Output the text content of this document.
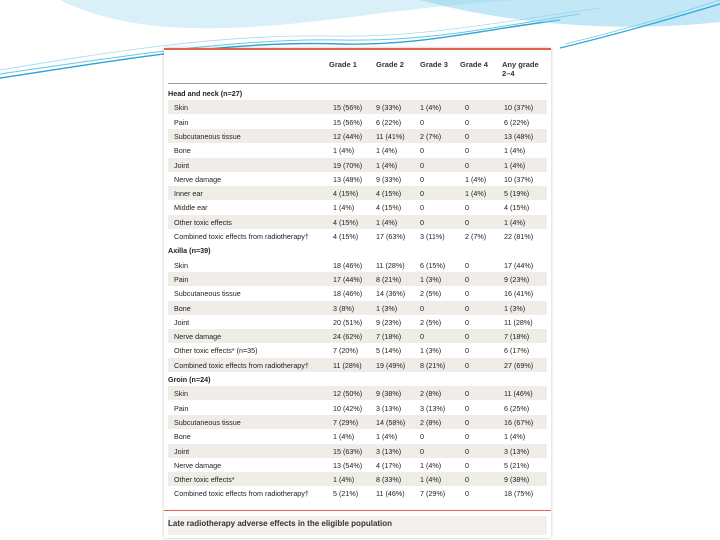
Grade 1	Grade 2 Grade 3 Grade 4 Any grade 2–4
Head and neck (n=27)
Skin	15 (56%) 9 (33%)	1 (4%)	0	10 (37%)
Pain	15 (56%) 6 (22%)	0	0	6 (22%)
Subcutaneous tissue	12 (44%) 11 (41%) 2 (7%)	0	13 (48%)
Bone	1 (4%)	1 (4%)	0	0	1 (4%)
Joint	19 (70%) 1 (4%)	0	0	1 (4%)
Nerve damage	13 (48%) 9 (33%)	0	1 (4%) 10 (37%)
Inner ear	4 (15%) 4 (15%)	0	1 (4%) 5 (19%)
Middle ear	1 (4%)	4 (15%)	0	0	4 (15%)
Other toxic effects	4 (15%) 1 (4%)	0	0	1 (4%)
Combined toxic effects from radiotherapy†	4 (15%) 17 (63%) 3 (11%)	2 (7%) 22 (81%)
Axilla (n=39)
Skin	18 (46%) 11 (28%) 6 (15%)	0	17 (44%)
Pain	17 (44%) 8 (21%)	1 (3%)	0	9 (23%)
Subcutaneous tissue	18 (46%) 14 (36%) 2 (5%)	0	16 (41%)
Bone	3 (8%)	1 (3%)	0	0	1 (3%)
Joint	20 (51%) 9 (23%)	2 (5%)	0	11 (28%)
Nerve damage	24 (62%) 7 (18%)	0	0	7 (18%)
Other toxic effects* (n=35)	7 (20%) 5 (14%)	1 (3%)	0	6 (17%)
Combined toxic effects from radiotherapy†	11 (28%) 19 (49%) 8 (21%)	0	27 (69%)
Groin (n=24)
Skin	12 (50%) 9 (38%)	2 (8%)	0	11 (46%)
Pain	10 (42%) 3 (13%)	3 (13%)	0	6 (25%)
Subcutaneous tissue	7 (29%) 14 (58%) 2 (8%)	0	16 (67%)
Bone	1 (4%)	1 (4%)	0	0	1 (4%)
Joint	15 (63%) 3 (13%)	0	0	3 (13%)
Nerve damage	13 (54%) 4 (17%)	1 (4%)	0	5 (21%)
Other toxic effects*	1 (4%)	8 (33%)	1 (4%)	0	9 (38%)
Combined toxic effects from radiotherapy†	5 (21%) 11 (46%) 7 (29%)	0	18 (75%)
Late radiotherapy adverse effects in the eligible population
